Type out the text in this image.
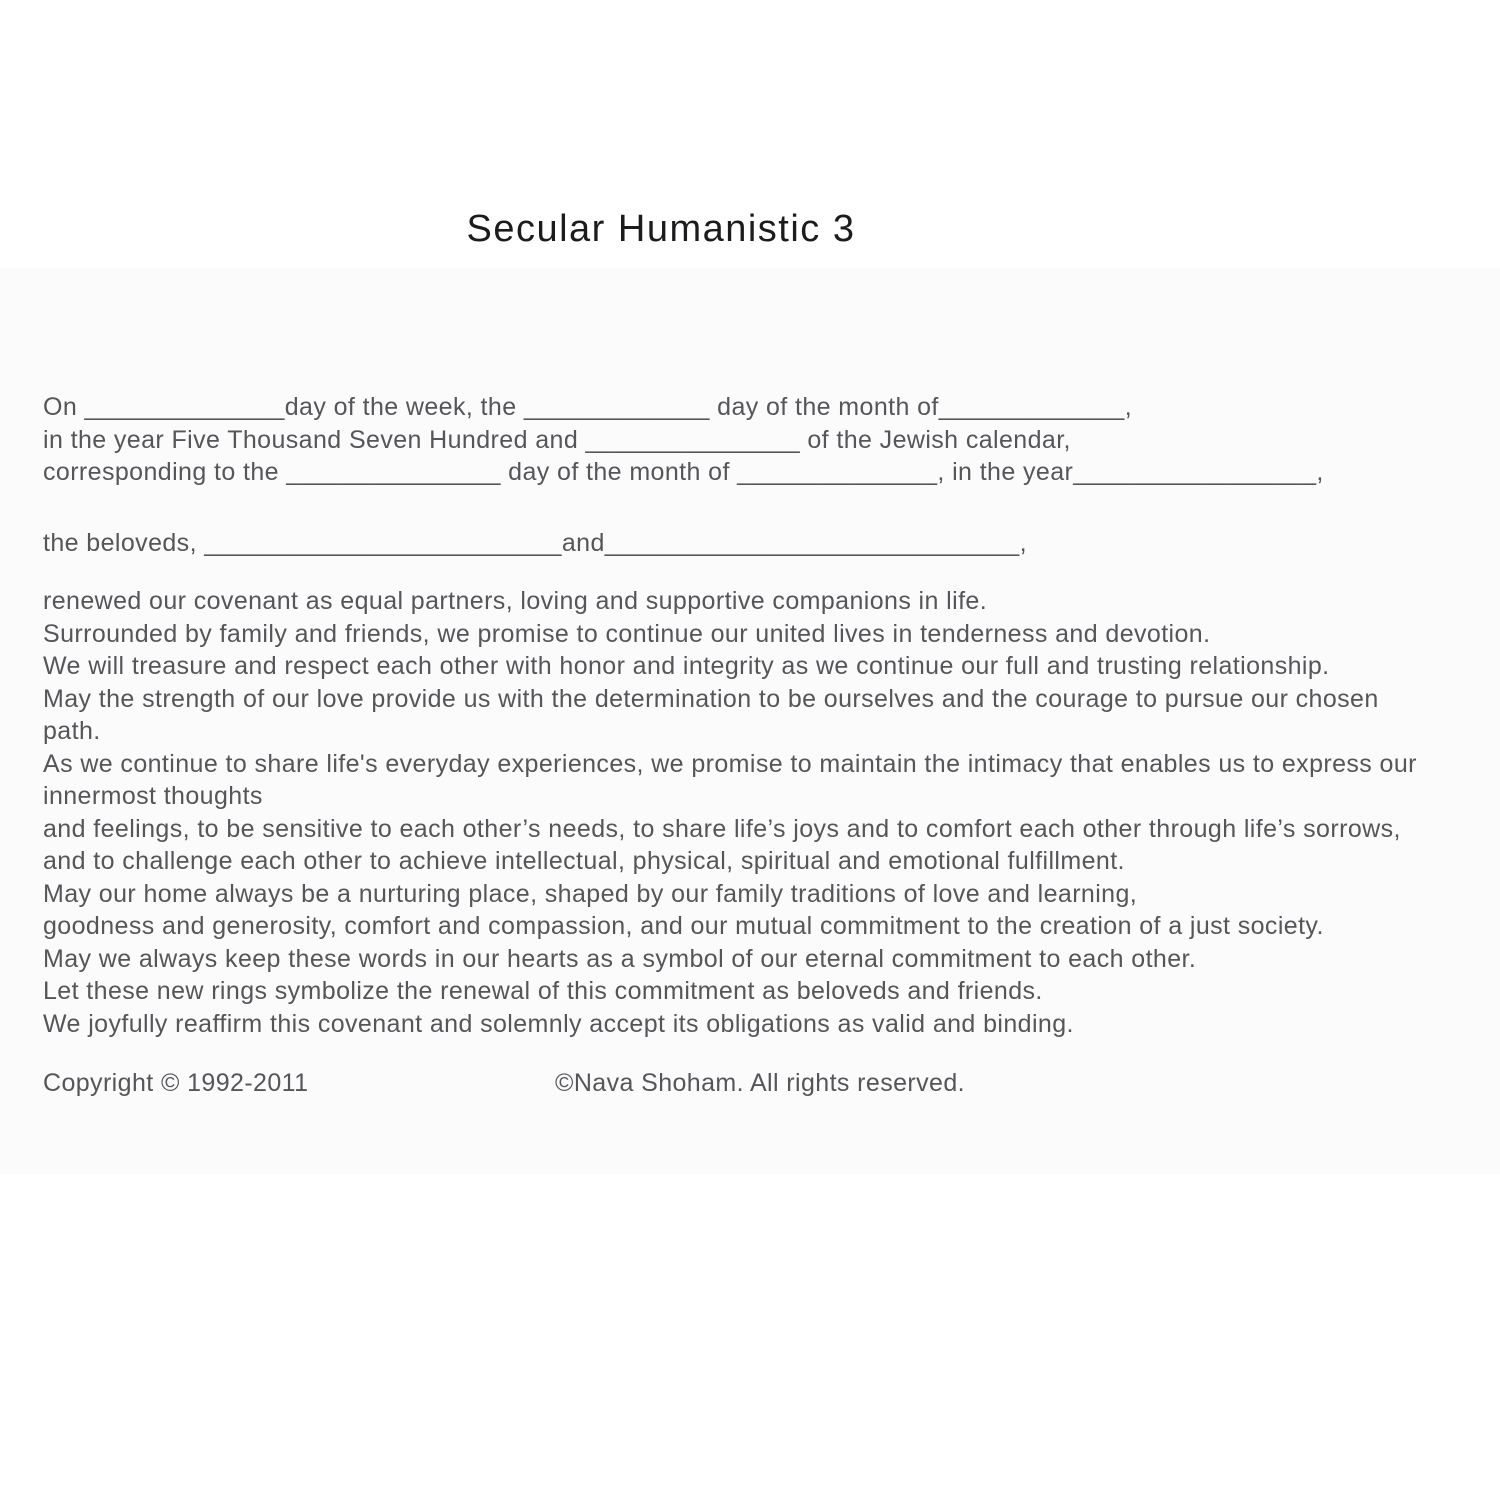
Secular Humanistic 3
On ______________day of the week, the _____________ day of the month of_____________,
in the year Five Thousand Seven Hundred and _______________ of the Jewish calendar,
corresponding to the _______________ day of the month of ______________, in the year_________________,
the beloveds, _________________________and_____________________________,
renewed our covenant as equal partners, loving and supportive companions in life.
Surrounded by family and friends, we promise to continue our united lives in tenderness and devotion.
We will treasure and respect each other with honor and integrity as we continue our full and trusting relationship.
May the strength of our love provide us with the determination to be ourselves and the courage to pursue our chosen
path.
As we continue to share life's everyday experiences, we promise to maintain the intimacy that enables us to express our
innermost thoughts
and feelings, to be sensitive to each other’s needs, to share life’s joys and to comfort each other through life’s sorrows,
and to challenge each other to achieve intellectual, physical, spiritual and emotional fulfillment.
May our home always be a nurturing place, shaped by our family traditions of love and learning,
goodness and generosity, comfort and compassion, and our mutual commitment to the creation of a just society.
May we always keep these words in our hearts as a symbol of our eternal commitment to each other.
Let these new rings symbolize the renewal of this commitment as beloveds and friends.
We joyfully reaffirm this covenant and solemnly accept its obligations as valid and binding.
Copyright © 1992-2011	©Nava Shoham. All rights reserved.
